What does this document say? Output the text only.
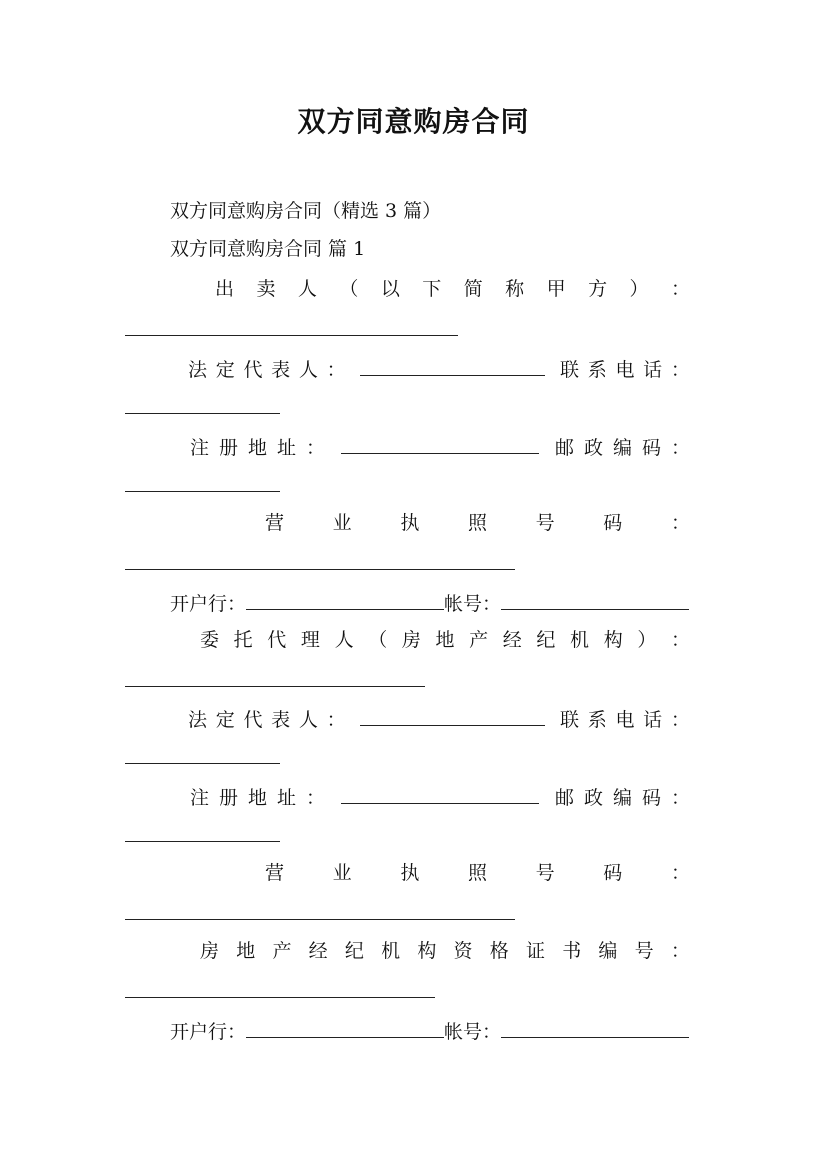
双方同意购房合同
双方同意购房合同（精选 3 篇）
双方同意购房合同 篇 1
出 卖 人 （ 以 下 简 称 甲 方 ） ：
法 定 代 表 人 ：	联 系 电 话 ：
注 册 地 址 ：	邮 政 编 码 ：
营	业	执	照	号	码	：
开户行：	帐号：
委 托 代 理 人 （ 房 地 产 经 纪 机 构 ） ：
法 定 代 表 人 ：	联 系 电 话 ：
注 册 地 址 ：	邮 政 编 码 ：
营	业	执	照	号	码	：
房 地 产 经 纪 机 构 资 格 证 书 编 号 ：
开户行：	帐号：
